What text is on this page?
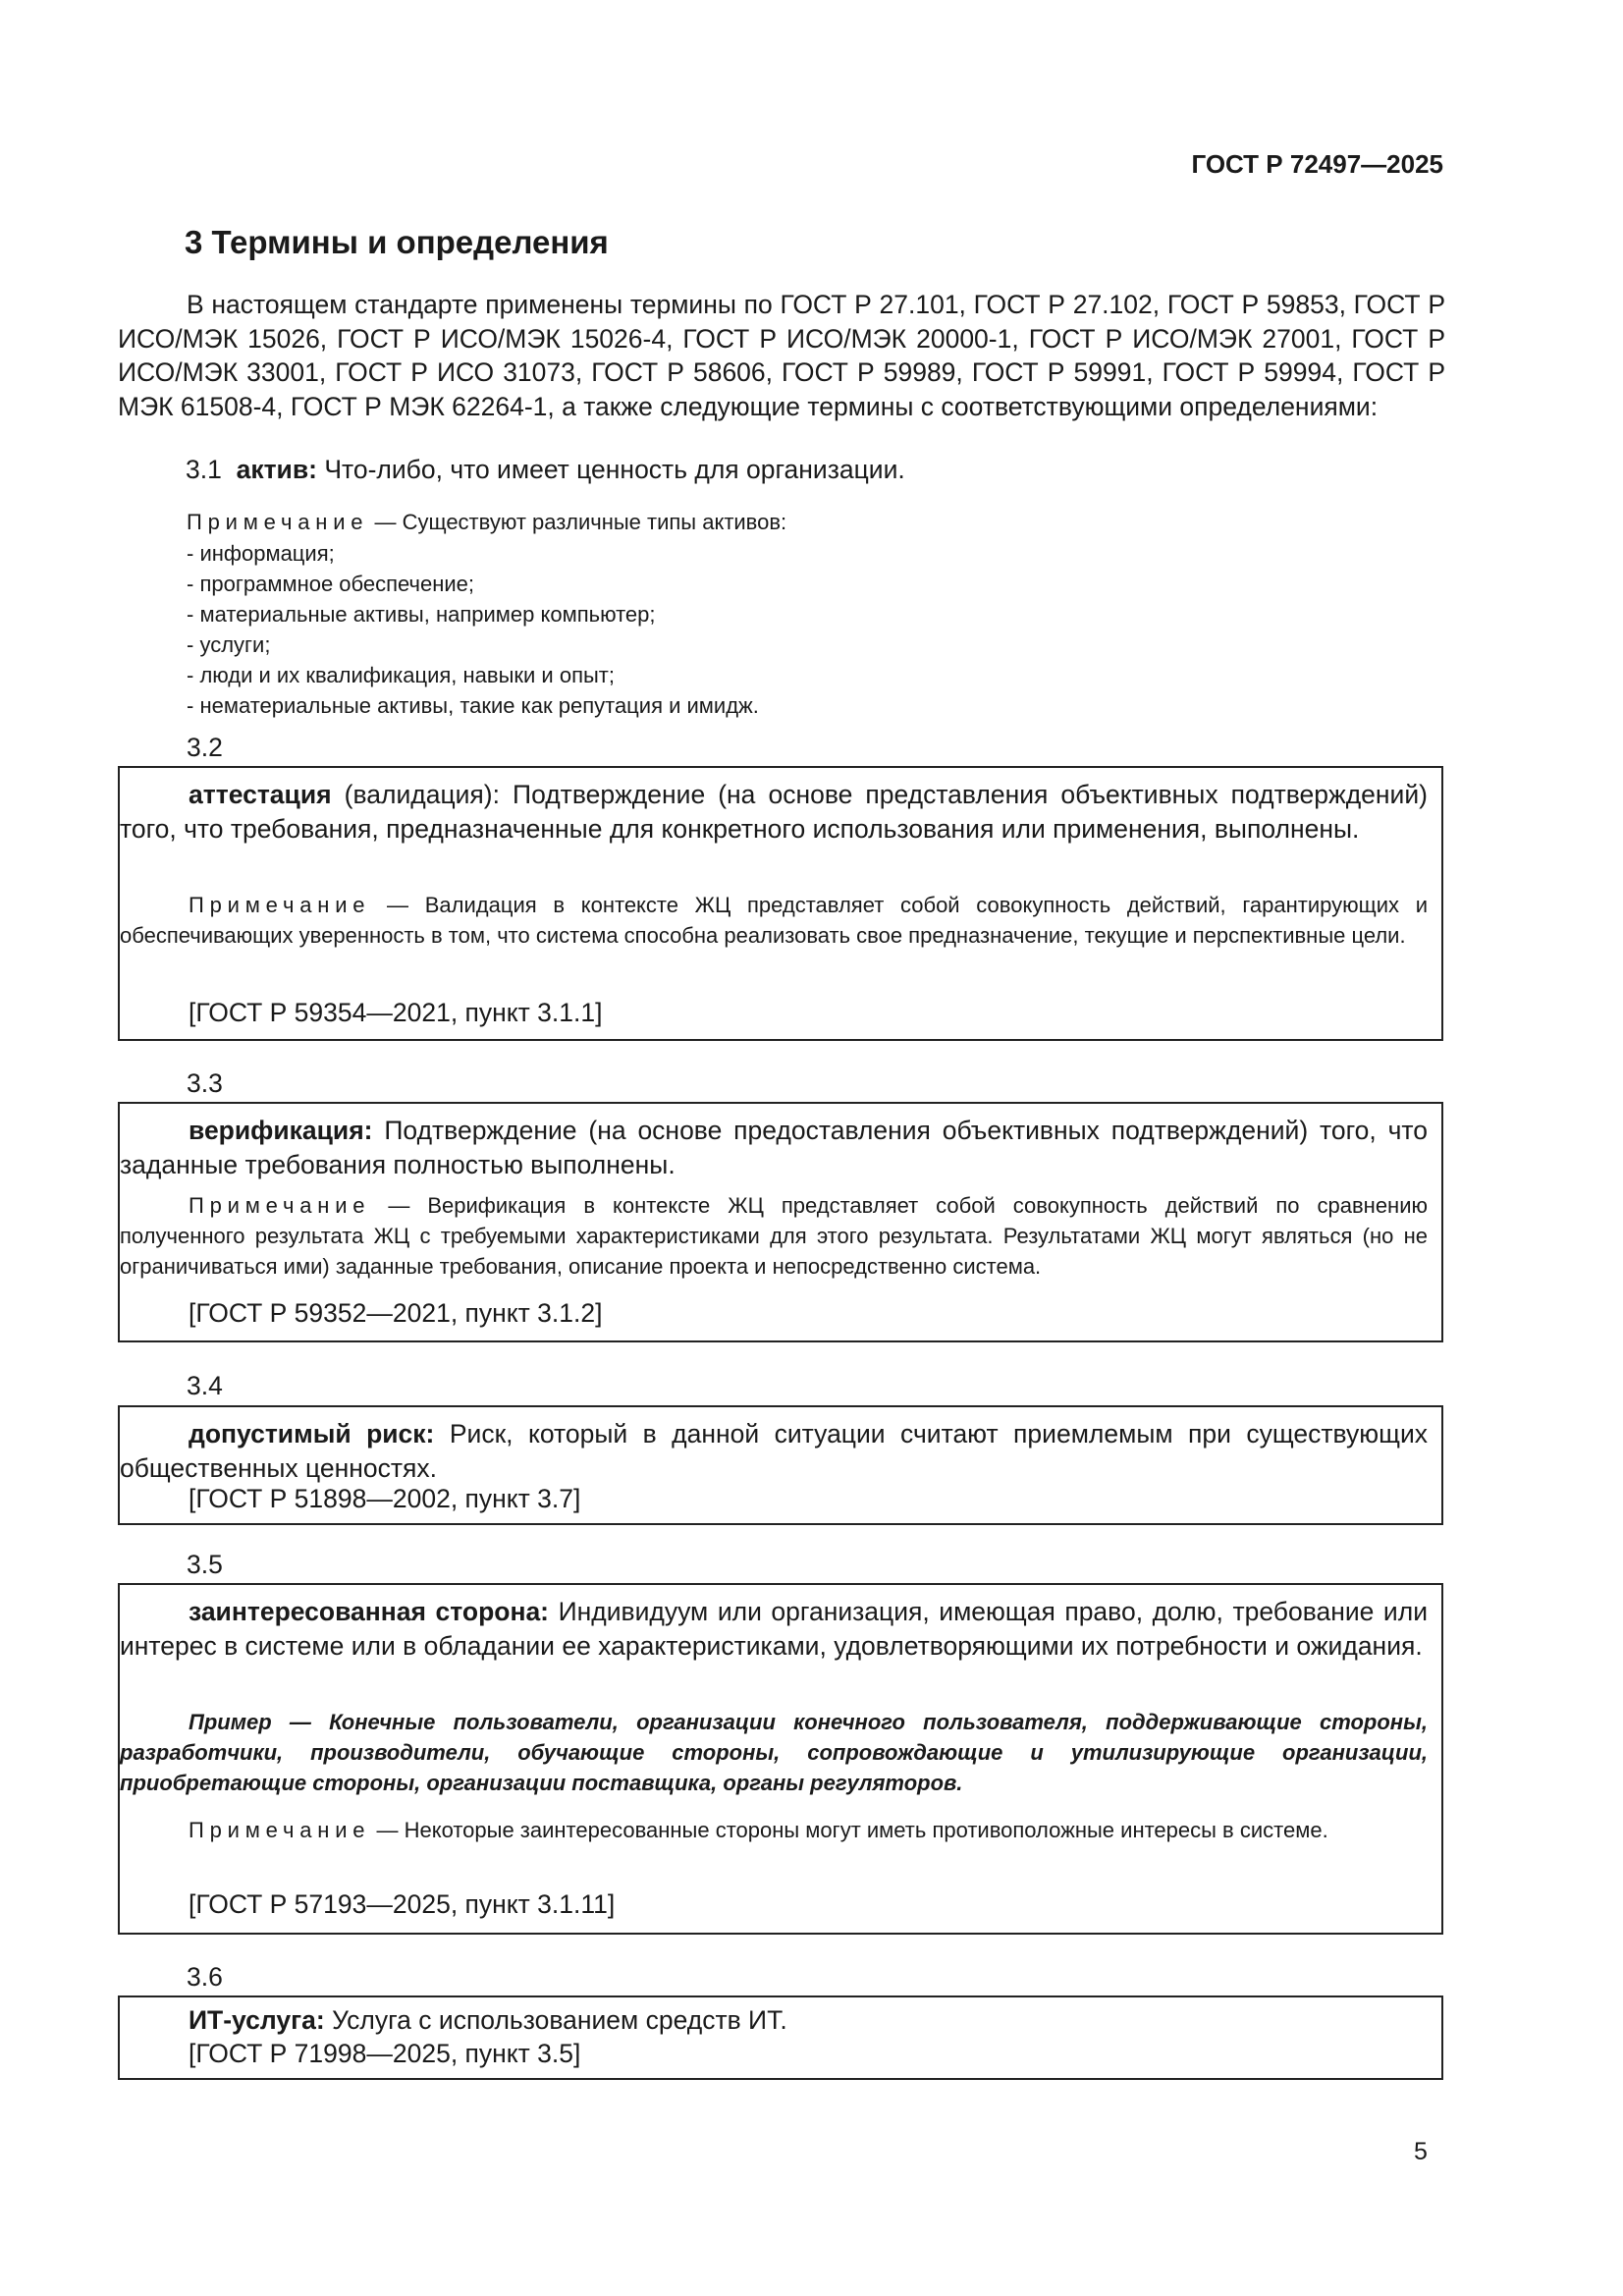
ГОСТ Р 72497—2025
3 Термины и определения
В настоящем стандарте применены термины по ГОСТ Р 27.101, ГОСТ Р 27.102, ГОСТ Р 59853, ГОСТ Р ИСО/МЭК 15026, ГОСТ Р ИСО/МЭК 15026-4, ГОСТ Р ИСО/МЭК 20000-1, ГОСТ Р ИСО/МЭК 27001, ГОСТ Р ИСО/МЭК 33001, ГОСТ Р ИСО 31073, ГОСТ Р 58606, ГОСТ Р 59989, ГОСТ Р 59991, ГОСТ Р 59994, ГОСТ Р МЭК 61508-4, ГОСТ Р МЭК 62264-1, а также следующие термины с соответствующими определениями:
3.1 актив: Что-либо, что имеет ценность для организации.
Примечание — Существуют различные типы активов:
- информация;
- программное обеспечение;
- материальные активы, например компьютер;
- услуги;
- люди и их квалификация, навыки и опыт;
- нематериальные активы, такие как репутация и имидж.
3.2
аттестация (валидация): Подтверждение (на основе представления объективных подтверждений) того, что требования, предназначенные для конкретного использования или применения, выполнены.
Примечание — Валидация в контексте ЖЦ представляет собой совокупность действий, гарантирующих и обеспечивающих уверенность в том, что система способна реализовать свое предназначение, текущие и перспективные цели.
[ГОСТ Р 59354—2021, пункт 3.1.1]
3.3
верификация: Подтверждение (на основе предоставления объективных подтверждений) того, что заданные требования полностью выполнены.
Примечание — Верификация в контексте ЖЦ представляет собой совокупность действий по сравнению полученного результата ЖЦ с требуемыми характеристиками для этого результата. Результатами ЖЦ могут являться (но не ограничиваться ими) заданные требования, описание проекта и непосредственно система.
[ГОСТ Р 59352—2021, пункт 3.1.2]
3.4
допустимый риск: Риск, который в данной ситуации считают приемлемым при существующих общественных ценностях.
[ГОСТ Р 51898—2002, пункт 3.7]
3.5
заинтересованная сторона: Индивидуум или организация, имеющая право, долю, требование или интерес в системе или в обладании ее характеристиками, удовлетворяющими их потребности и ожидания.
Пример — Конечные пользователи, организации конечного пользователя, поддерживающие стороны, разработчики, производители, обучающие стороны, сопровождающие и утилизирующие организации, приобретающие стороны, организации поставщика, органы регуляторов.
Примечание — Некоторые заинтересованные стороны могут иметь противоположные интересы в системе.
[ГОСТ Р 57193—2025, пункт 3.1.11]
3.6
ИТ-услуга: Услуга с использованием средств ИТ.
[ГОСТ Р 71998—2025, пункт 3.5]
5
